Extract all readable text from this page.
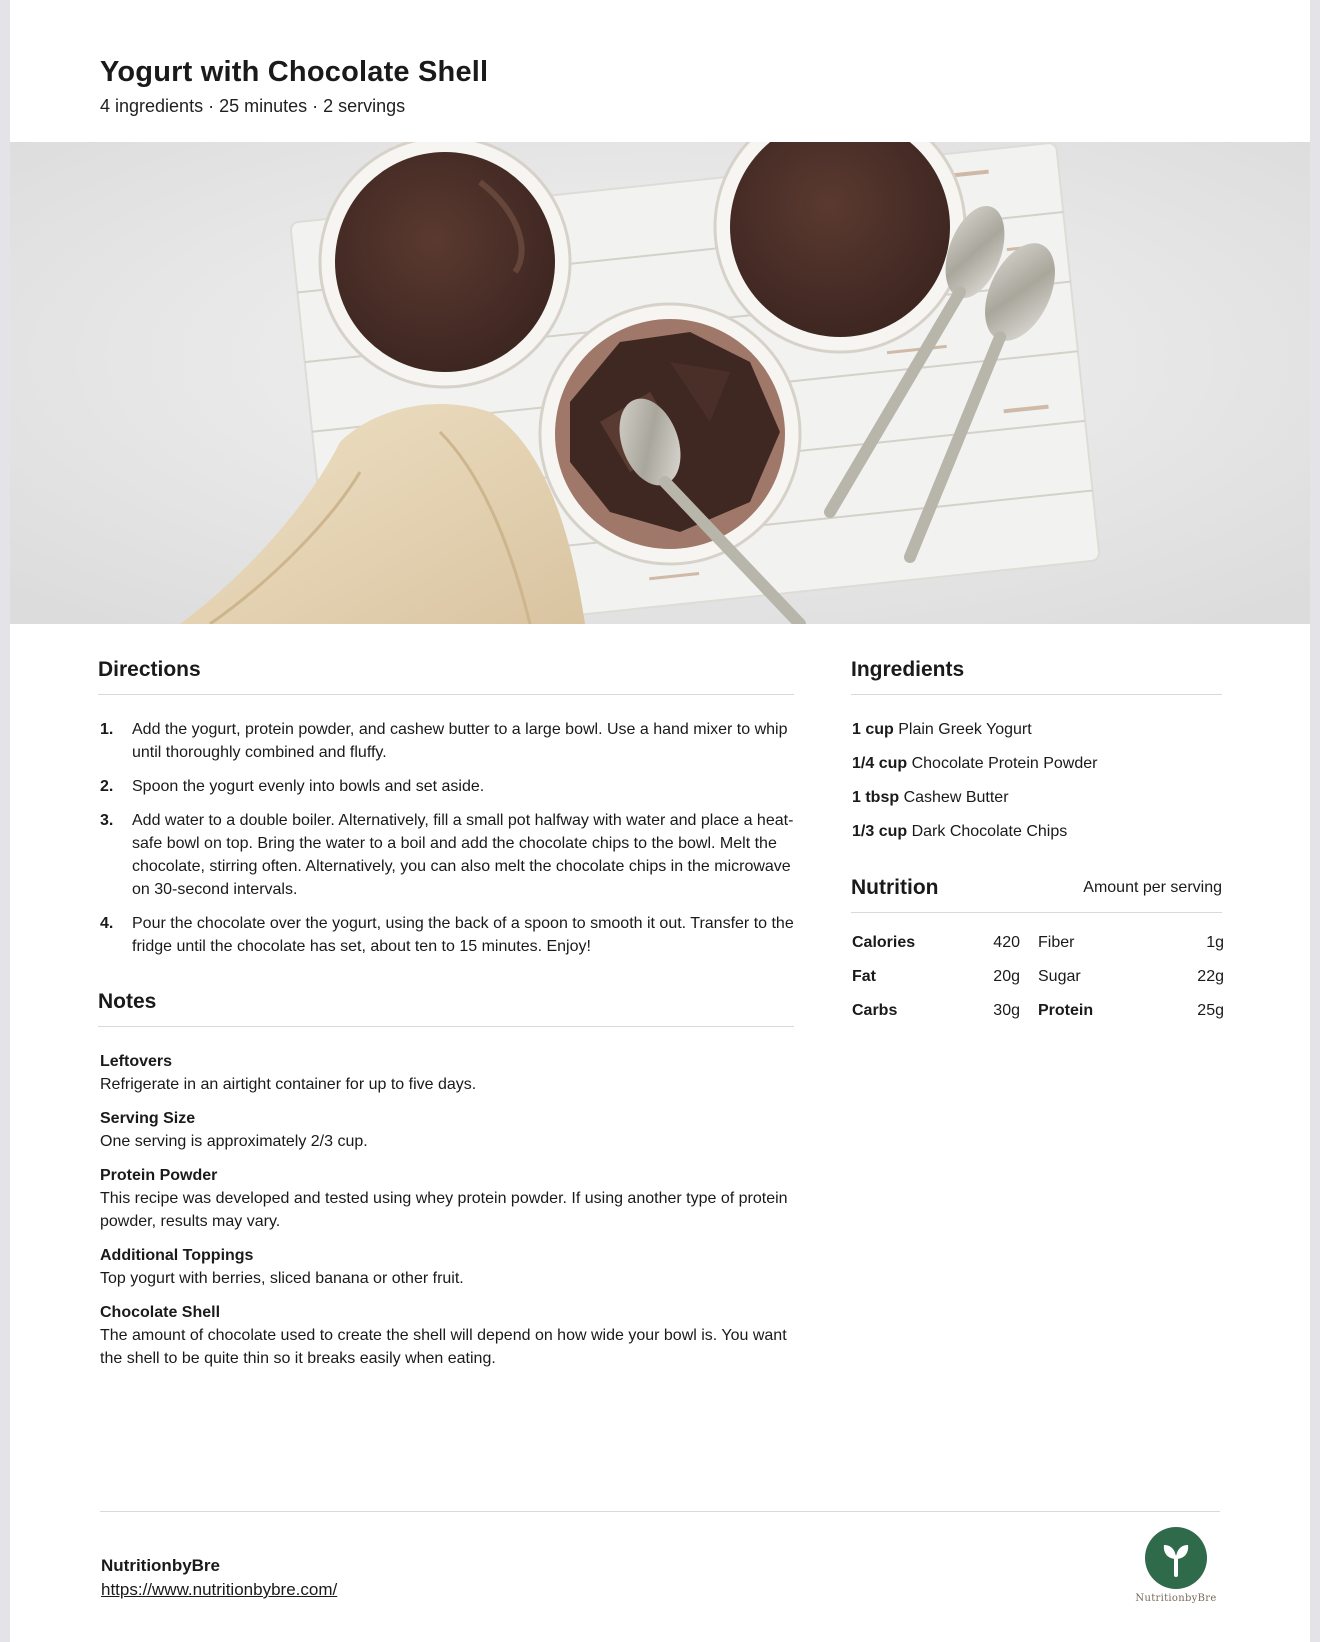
Yogurt with Chocolate Shell
4 ingredients · 25 minutes · 2 servings
Directions
1. Add the yogurt, protein powder, and cashew butter to a large bowl. Use a hand mixer to whip until thoroughly combined and fluffy.
2. Spoon the yogurt evenly into bowls and set aside.
3. Add water to a double boiler. Alternatively, fill a small pot halfway with water and place a heat-safe bowl on top. Bring the water to a boil and add the chocolate chips to the bowl. Melt the chocolate, stirring often. Alternatively, you can also melt the chocolate chips in the microwave on 30-second intervals.
4. Pour the chocolate over the yogurt, using the back of a spoon to smooth it out. Transfer to the fridge until the chocolate has set, about ten to 15 minutes. Enjoy!
Ingredients
1 cup Plain Greek Yogurt
1/4 cup Chocolate Protein Powder
1 tbsp Cashew Butter
1/3 cup Dark Chocolate Chips
Nutrition	Amount per serving
Calories	420 Fiber	1g
Fat	20g Sugar	22g
Carbs	30g Protein	25g
Notes
Leftovers
Refrigerate in an airtight container for up to five days.
Serving Size
One serving is approximately 2/3 cup.
Protein Powder
This recipe was developed and tested using whey protein powder. If using another type of protein powder, results may vary.
Additional Toppings
Top yogurt with berries, sliced banana or other fruit.
Chocolate Shell
The amount of chocolate used to create the shell will depend on how wide your bowl is. You want the shell to be quite thin so it breaks easily when eating.
NutritionbyBre
https://www.nutritionbybre.com/	NutritionbyBre
